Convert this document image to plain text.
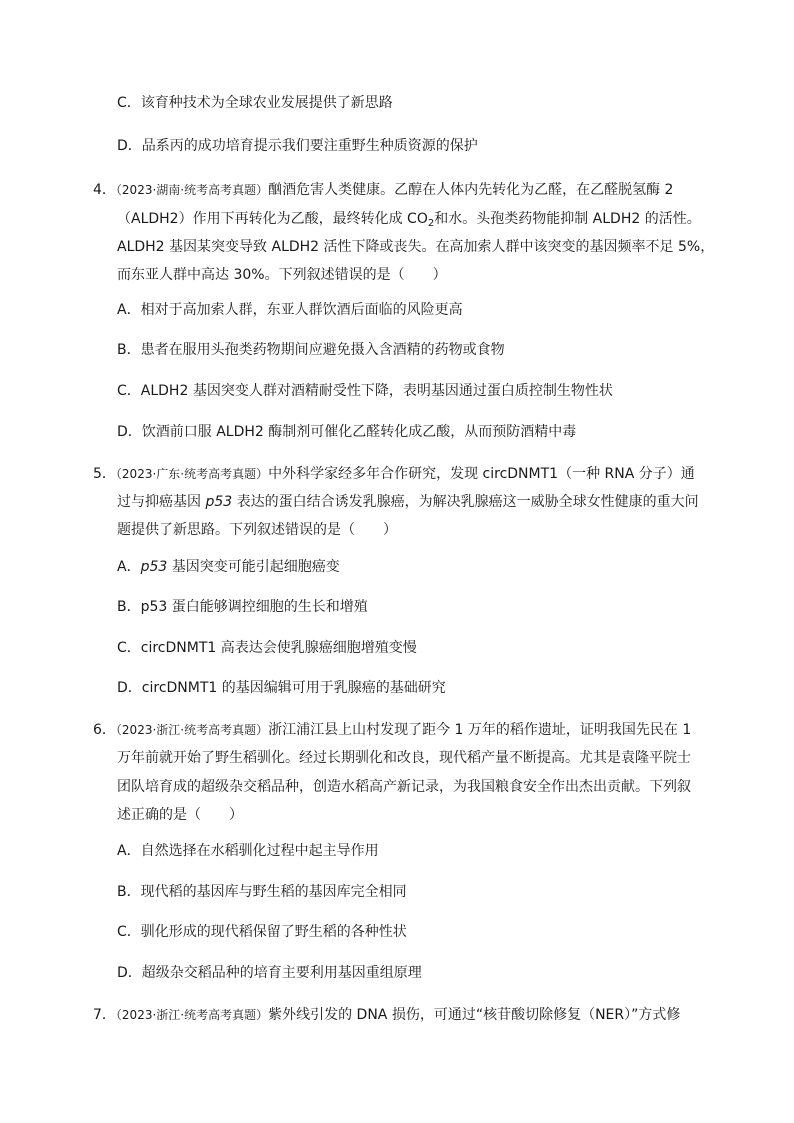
C．该育种技术为全球农业发展提供了新思路
D．品系丙的成功培育提示我们要注重野生种质资源的保护
4．（2023·湖南·统考高考真题）酗酒危害人类健康。乙醇在人体内先转化为乙醛，在乙醛脱氢酶 2
（ALDH2）作用下再转化为乙酸，最终转化成 $CO_2$和水。头孢类药物能抑制 ALDH2 的活性。
ALDH2 基因某突变导致 ALDH2 活性下降或丧失。在高加索人群中该突变的基因频率不足 5%，
而东亚人群中高达 30%。下列叙述错误的是（　　）
A．相对于高加索人群，东亚人群饮酒后面临的风险更高
B．患者在服用头孢类药物期间应避免摄入含酒精的药物或食物
C．ALDH2 基因突变人群对酒精耐受性下降，表明基因通过蛋白质控制生物性状
D．饮酒前口服 ALDH2 酶制剂可催化乙醛转化成乙酸，从而预防酒精中毒
5．（2023·广东·统考高考真题）中外科学家经多年合作研究，发现 circDNMT1（一种 RNA 分子）通
过与抑癌基因 p53 表达的蛋白结合诱发乳腺癌，为解决乳腺癌这一威胁全球女性健康的重大问
题提供了新思路。下列叙述错误的是（　　）
A．p53 基因突变可能引起细胞癌变
B．p53 蛋白能够调控细胞的生长和增殖
C．circDNMT1 高表达会使乳腺癌细胞增殖变慢
D．circDNMT1 的基因编辑可用于乳腺癌的基础研究
6．（2023·浙江·统考高考真题）浙江浦江县上山村发现了距今 1 万年的稻作遗址，证明我国先民在 1
万年前就开始了野生稻驯化。经过长期驯化和改良，现代稻产量不断提高。尤其是袁隆平院士
团队培育成的超级杂交稻品种，创造水稻高产新记录，为我国粮食安全作出杰出贡献。下列叙
述正确的是（　　）
A．自然选择在水稻驯化过程中起主导作用
B．现代稻的基因库与野生稻的基因库完全相同
C．驯化形成的现代稻保留了野生稻的各种性状
D．超级杂交稻品种的培育主要利用基因重组原理
7．（2023·浙江·统考高考真题）紫外线引发的 DNA 损伤，可通过“核苷酸切除修复（NER）”方式修
